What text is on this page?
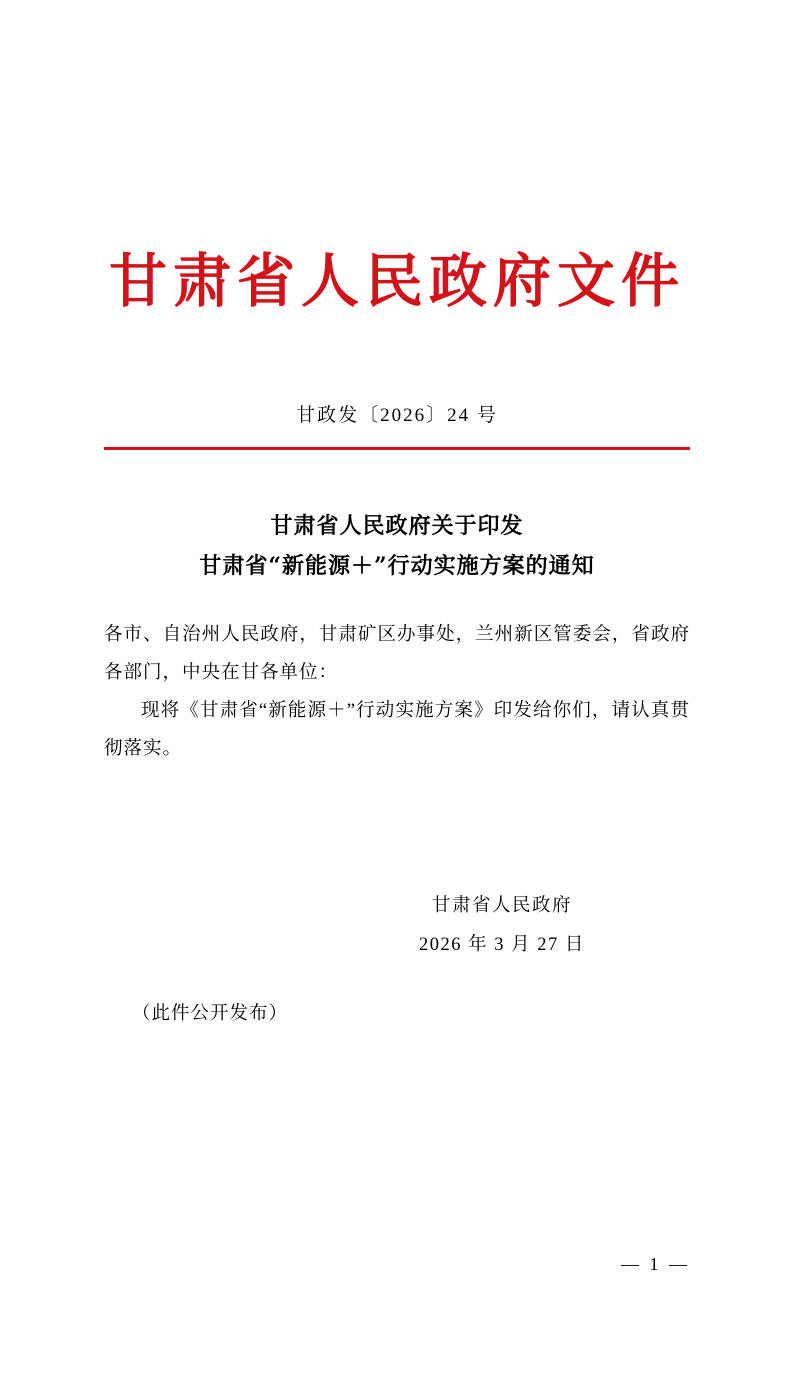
甘肃省人民政府文件
甘政发〔2026〕24 号
甘肃省人民政府关于印发
甘肃省“新能源＋”行动实施方案的通知
各市、自治州人民政府，甘肃矿区办事处，兰州新区管委会，省政府各部门，中央在甘各单位：
现将《甘肃省“新能源＋”行动实施方案》印发给你们，请认真贯彻落实。
甘肃省人民政府
2026 年 3 月 27 日
（此件公开发布）
— 1 —
